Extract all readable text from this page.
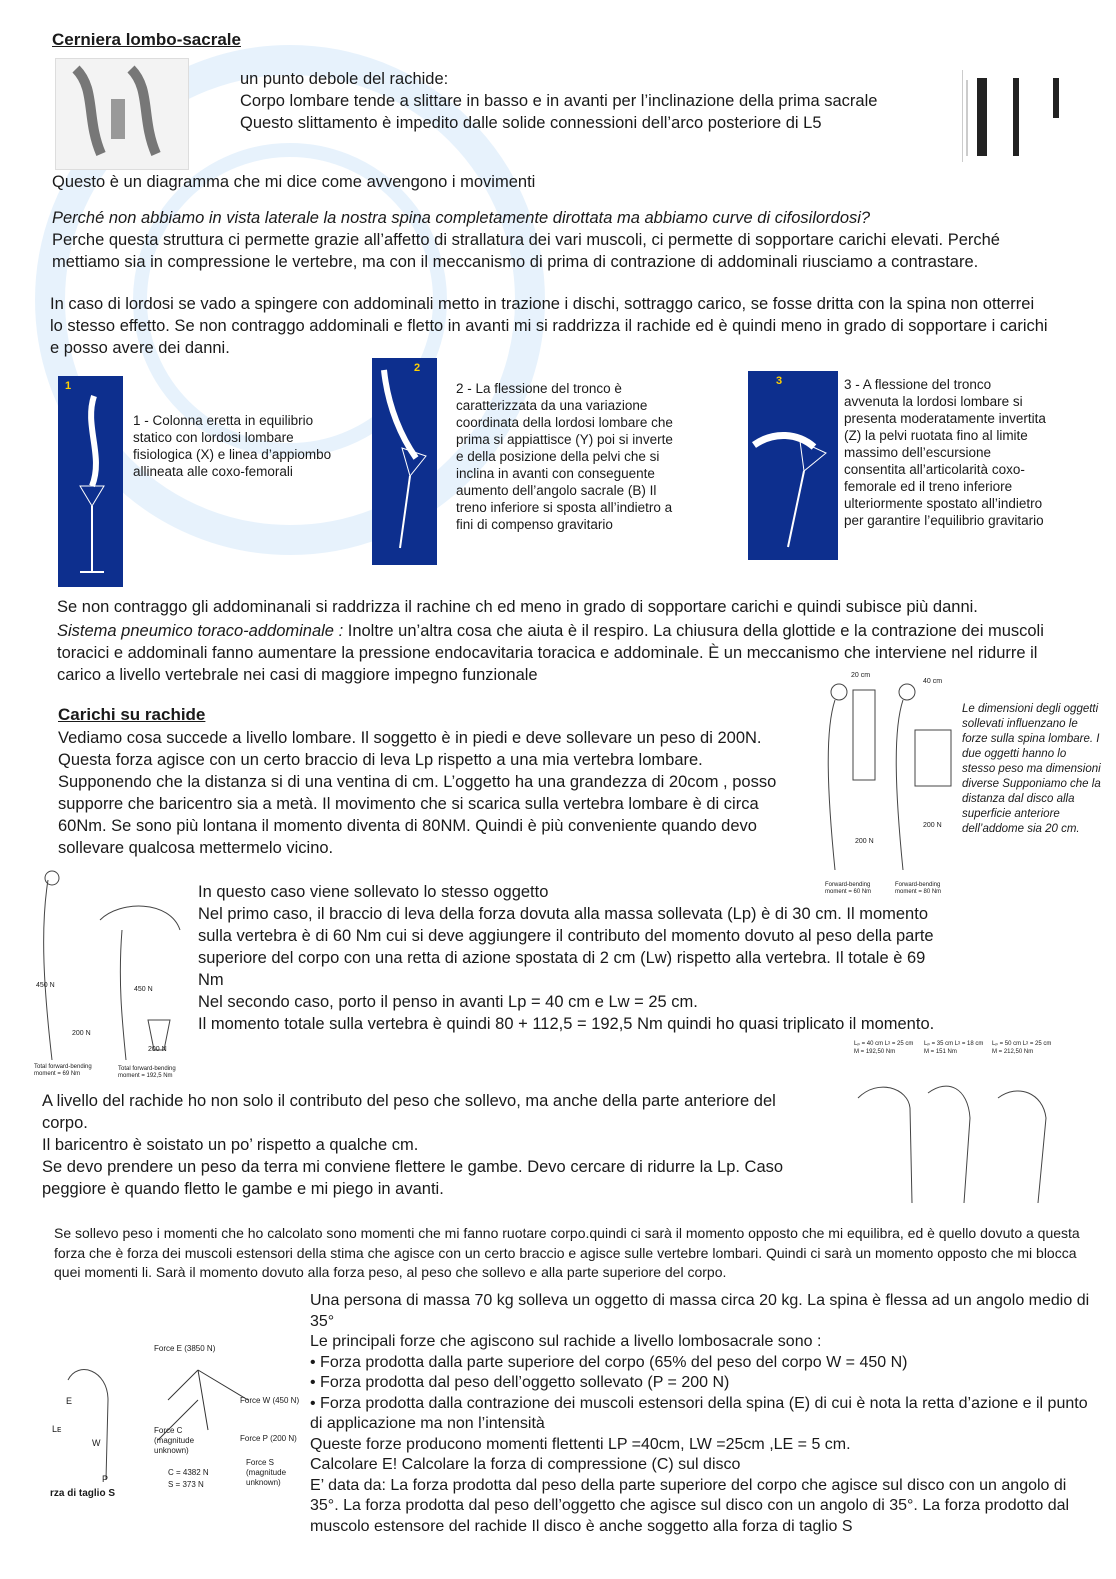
Cerniera lombo-sacrale

un punto debole del rachide:

Corpo lombare tende a slittare in basso e in avanti per l’inclinazione della prima sacrale

Questo slittamento è impedito dalle solide connessioni dell’arco posteriore di L5

Questo è un diagramma che mi dice come avvengono i movimenti
Perché non abbiamo in vista laterale la nostra spina completamente dirottata ma abbiamo curve di cifosilordosi?
Perche questa struttura ci permette grazie all’affetto di strallatura dei vari muscoli, ci permette di sopportare carichi elevati. Perché mettiamo sia in compressione le vertebre, ma con il meccanismo di prima di contrazione di addominali riusciamo a contrastare.
In caso di lordosi se vado a spingere con addominali metto in trazione i dischi, sottraggo carico, se fosse dritta con la spina non otterrei lo stesso effetto. Se non contraggo addominali e fletto in avanti mi si raddrizza il rachide ed è quindi meno in grado di sopportare i carichi e posso avere dei danni.
1
1 - Colonna eretta in equilibrio statico con lordosi lombare fisiologica (X) e linea d’appiombo allineata alle coxo-femorali
2
2 - La flessione del tronco è caratterizzata da una variazione coordinata della lordosi lombare che prima si appiattisce (Y) poi si inverte e della posizione della pelvi che si inclina in avanti con conseguente aumento dell’angolo sacrale (B) Il treno inferiore si sposta all’indietro a fini di compenso gravitario
3	3 - A flessione del tronco avvenuta la lordosi lombare si presenta moderatamente invertita (Z) la pelvi ruotata fino al limite massimo dell’escursione consentita all’articolarità coxo-femorale ed il treno inferiore ulteriormente spostato all’indietro per garantire l’equilibrio gravitario
Se non contraggo gli addominanali si raddrizza il rachine ch ed meno in grado di sopportare carichi e quindi subisce più danni.
Sistema pneumico toraco-addominale : Inoltre un’altra cosa che aiuta è il respiro. La chiusura della glottide e la contrazione dei muscoli toracici e addominali fanno aumentare la pressione endocavitaria toracica e addominale. È un meccanismo che interviene nel ridurre il carico a livello vertebrale nei casi di maggiore impegno funzionale
Carichi su rachide
Vediamo cosa succede a livello lombare. Il soggetto è in piedi e deve sollevare un peso di 200N. Questa forza agisce con un certo braccio di leva Lp rispetto a una mia vertebra lombare. Supponendo che la distanza si di una ventina di cm. L’oggetto ha una grandezza di 20com , posso supporre che baricentro sia a metà. Il movimento che si scarica sulla vertebra lombare è di circa 60Nm. Se sono più lontana il momento diventa di 80NM. Quindi è più conveniente quando devo sollevare qualcosa mettermelo vicino.
20 cm
40 cm
200 N
200 N
Forward-bending moment = 60 Nm
Forward-bending moment = 80 Nm
Le dimensioni degli oggetti sollevati influenzano le forze sulla spina lombare. I due oggetti hanno lo stesso peso ma dimensioni diverse Supponiamo che la distanza dal disco alla superficie anteriore dell’addome sia 20 cm.
450 N
450 N
200 N
200 N
Total forward-bending moment = 69 Nm
Total forward-bending moment = 192,5 Nm

In questo caso viene sollevato lo stesso oggetto

Nel primo caso, il braccio di leva della forza dovuta alla massa sollevata (Lp) è di 30 cm. Il momento sulla vertebra è di 60 Nm cui si deve aggiungere il contributo del momento dovuto al peso della parte superiore del corpo con una retta di azione spostata di 2 cm (Lw) rispetto alla vertebra. Il totale è 69 Nm

Nel secondo caso, porto il penso in avanti Lp = 40 cm e Lw = 25 cm.

Il momento totale sulla vertebra è quindi 80 + 112,5 = 192,5 Nm quindi ho quasi triplicato il momento.

Lₚ = 40 cm Lᵡ = 25 cm M = 192,50 Nm
Lₚ = 35 cm Lᵡ = 18 cm M = 151 Nm
Lₚ = 50 cm Lᵡ = 25 cm M = 212,50 Nm

A livello del rachide ho non solo il contributo del peso che sollevo, ma anche della parte anteriore del corpo.

Il baricentro è soistato un po’ rispetto a qualche cm.

Se devo prendere un peso da terra mi conviene flettere le gambe. Devo cercare di ridurre la Lp. Caso peggiore è quando fletto le gambe e mi piego in avanti.

Se sollevo peso i momenti che ho calcolato sono momenti che mi fanno ruotare corpo.quindi ci sarà il momento opposto che mi equilibra, ed è quello dovuto a questa forza che è forza dei muscoli estensori della stima che agisce con un certo braccio e agisce sulle vertebre lombari. Quindi ci sarà un momento opposto che mi blocca quei momenti li. Sarà il momento dovuto alla forza peso, al peso che sollevo e alla parte superiore del corpo.
E
Lᴇ
W
P
Force E (3850 N)
Force W (450 N)
Force C (magnitude unknown)
Force P (200 N)
Force S (magnitude unknown)
C = 4382 N
S = 373 N
rza di taglio S

Una persona di massa 70 kg solleva un oggetto di massa circa 20 kg. La spina è flessa ad un angolo medio di 35°

Le principali forze che agiscono sul rachide a livello lombosacrale sono :

• Forza prodotta dalla parte superiore del corpo (65% del peso del corpo W = 450 N)

• Forza prodotta dal peso dell’oggetto sollevato (P = 200 N)

• Forza prodotta dalla contrazione dei muscoli estensori della spina (E) di cui è nota la retta d’azione e il punto di applicazione ma non l’intensità

Queste forze producono momenti flettenti LP =40cm, LW =25cm ,LE = 5 cm.

Calcolare E! Calcolare la forza di compressione (C) sul disco

E’ data da: La forza prodotta dal peso della parte superiore del corpo che agisce sul disco con un angolo di 35°. La forza prodotta dal peso dell’oggetto che agisce sul disco con un angolo di 35°. La forza prodotto dal muscolo estensore del rachide Il disco è anche soggetto alla forza di taglio S
